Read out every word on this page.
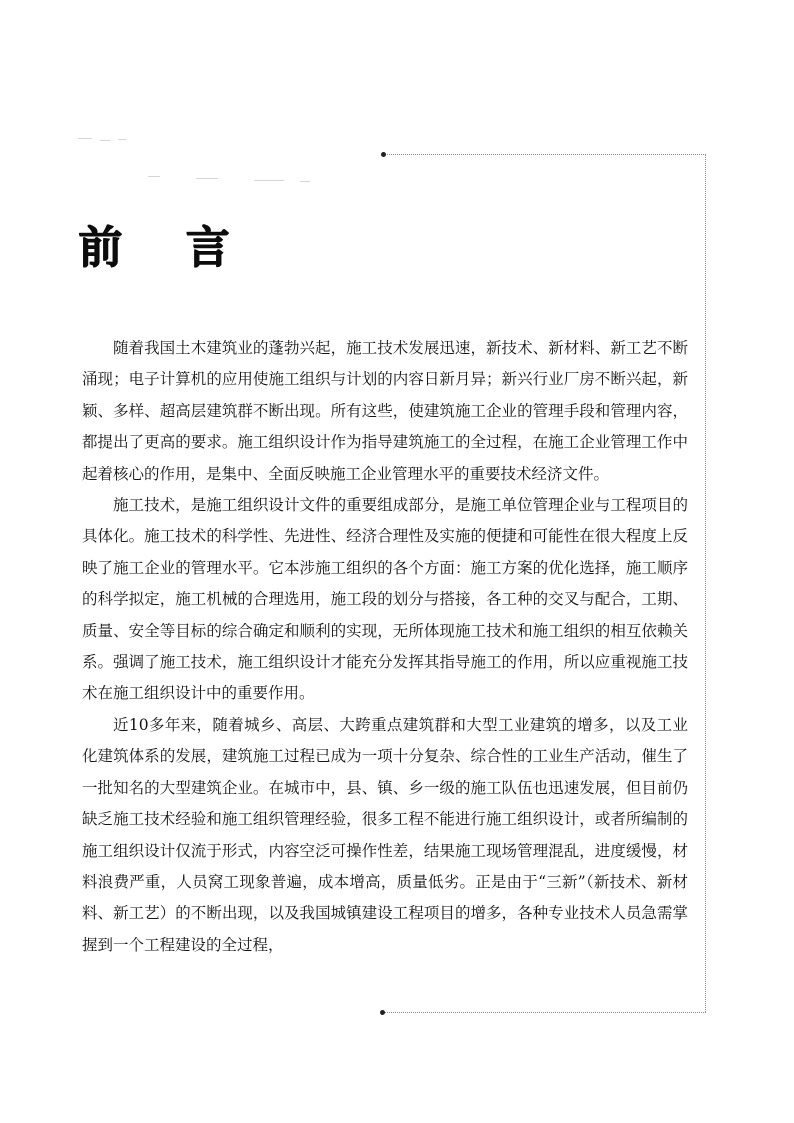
前 言

随着我国土木建筑业的蓬勃兴起，施工技术发展迅速，新技术、新材料、新工艺不断涌现；电子计算机的应用使施工组织与计划的内容日新月异；新兴行业厂房不断兴起，新颖、多样、超高层建筑群不断出现。所有这些，使建筑施工企业的管理手段和管理内容，都提出了更高的要求。施工组织设计作为指导建筑施工的全过程，在施工企业管理工作中起着核心的作用，是集中、全面反映施工企业管理水平的重要技术经济文件。

施工技术，是施工组织设计文件的重要组成部分，是施工单位管理企业与工程项目的具体化。施工技术的科学性、先进性、经济合理性及实施的便捷和可能性在很大程度上反映了施工企业的管理水平。它本涉施工组织的各个方面：施工方案的优化选择，施工顺序的科学拟定，施工机械的合理选用，施工段的划分与搭接，各工种的交叉与配合，工期、质量、安全等目标的综合确定和顺利的实现，无所体现施工技术和施工组织的相互依赖关系。强调了施工技术，施工组织设计才能充分发挥其指导施工的作用，所以应重视施工技术在施工组织设计中的重要作用。

近10多年来，随着城乡、高层、大跨重点建筑群和大型工业建筑的增多，以及工业化建筑体系的发展，建筑施工过程已成为一项十分复杂、综合性的工业生产活动，催生了一批知名的大型建筑企业。在城市中，县、镇、乡一级的施工队伍也迅速发展，但目前仍缺乏施工技术经验和施工组织管理经验，很多工程不能进行施工组织设计，或者所编制的施工组织设计仅流于形式，内容空泛可操作性差，结果施工现场管理混乱，进度缓慢，材料浪费严重，人员窝工现象普遍，成本增高，质量低劣。正是由于“三新”（新技术、新材料、新工艺）的不断出现，以及我国城镇建设工程项目的增多，各种专业技术人员急需掌握到一个工程建设的全过程，
